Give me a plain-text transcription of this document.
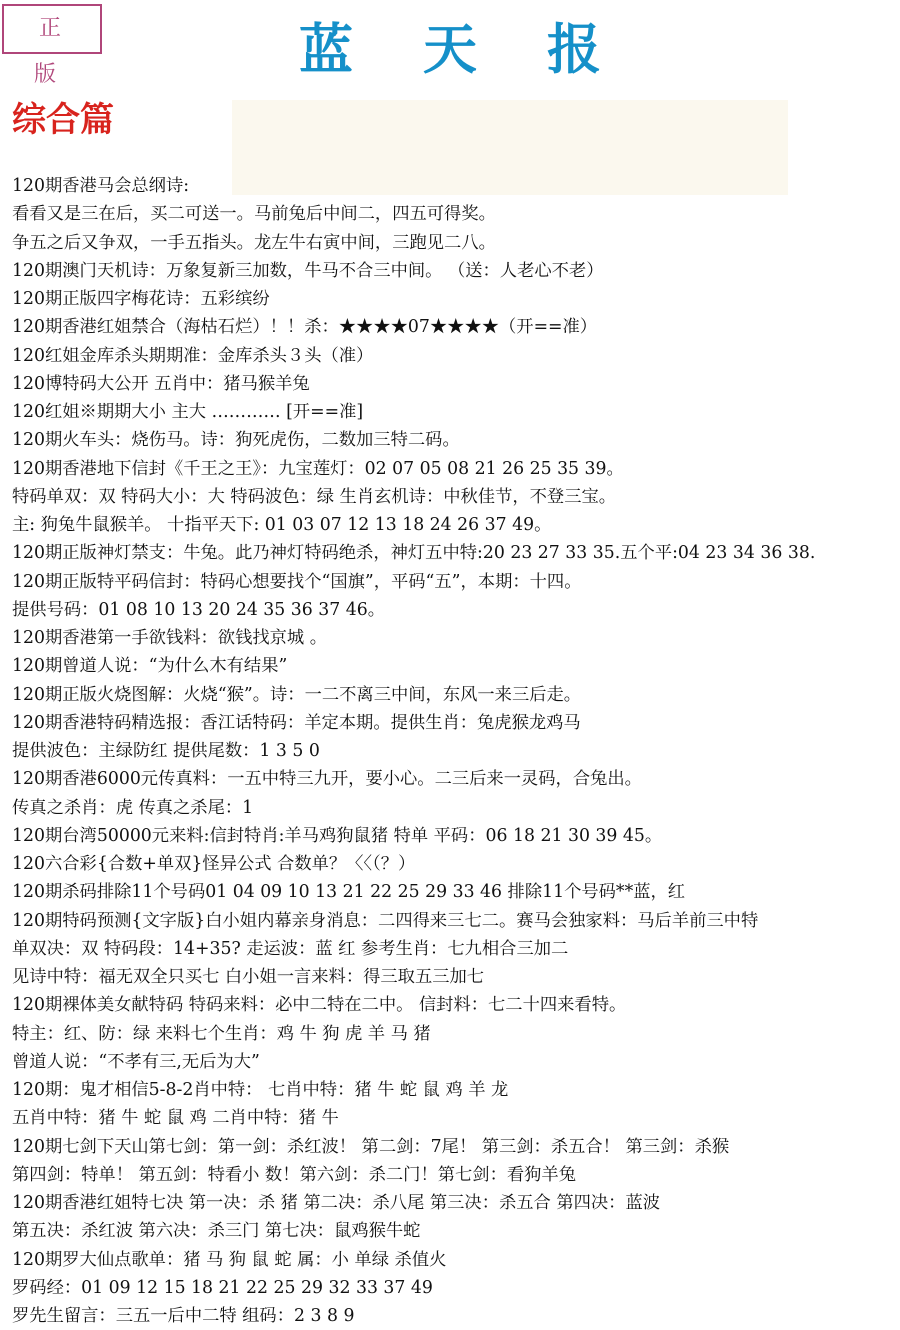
正 版	蓝天报
综合篇
120期香港马会总纲诗:
看看又是三在后，买二可送一。马前兔后中间二，四五可得奖。
争五之后又争双，一手五指头。龙左牛右寅中间，三跑见二八。
120期澳门天机诗：万象复新三加数，牛马不合三中间。 （送：人老心不老）
120期正版四字梅花诗：五彩缤纷
120期香港红姐禁合（海枯石烂）！！杀：★★★★07★★★★（开==准）
120红姐金库杀头期期准：金库杀头３头（准）
120博特码大公开 五肖中：猪马猴羊兔
120红姐※期期大小 主大 ………… [开==准]
120期火车头：烧伤马。诗：狗死虎伤，二数加三特二码。
120期香港地下信封《千王之王》：九宝莲灯：02 07 05 08 21 26 25 35 39。
特码单双：双 特码大小：大 特码波色：绿 生肖玄机诗：中秋佳节，不登三宝。
主: 狗兔牛鼠猴羊。 十指平天下: 01 03 07 12 13 18 24 26 37 49。
120期正版神灯禁支：牛兔。此乃神灯特码绝杀，神灯五中特:20 23 27 33 35.五个平:04 23 34 36 38.
120期正版特平码信封：特码心想要找个“国旗”，平码“五”，本期：十四。
提供号码：01 08 10 13 20 24 35 36 37 46。
120期香港第一手欲钱料：欲钱找京城 。
120期曾道人说：“为什么木有结果”
120期正版火烧图解：火烧“猴”。诗：一二不离三中间，东风一来三后走。
120期香港特码精选报：香江话特码：羊定本期。提供生肖：兔虎猴龙鸡马
提供波色：主绿防红 提供尾数：1 3 5 0
120期香港6000元传真料：一五中特三九开，要小心。二三后来一灵码，合兔出。
传真之杀肖：虎 传真之杀尾：1
120期台湾50000元来料:信封特肖:羊马鸡狗鼠猪 特单 平码：06 18 21 30 39 45。
120六合彩{合数+单双}怪异公式 合数单？〈〈（？）
120期杀码排除11个号码01 04 09 10 13 21 22 25 29 33 46 排除11个号码**蓝，红
120期特码预测{文字版}白小姐内幕亲身消息：二四得来三七二。赛马会独家料：马后羊前三中特
单双决：双 特码段：14+35? 走运波：蓝 红 参考生肖：七九相合三加二
见诗中特：福无双全只买七 白小姐一言来料：得三取五三加七
120期裸体美女献特码 特码来料：必中二特在二中。 信封料：七二十四来看特。
特主：红、防：绿 来料七个生肖：鸡 牛 狗 虎 羊 马 猪
曾道人说：“不孝有三,无后为大”
120期：鬼才相信5-8-2肖中特： 七肖中特：猪 牛 蛇 鼠 鸡 羊 龙
五肖中特：猪 牛 蛇 鼠 鸡 二肖中特：猪 牛
120期七剑下天山第七剑：第一剑：杀红波！ 第二剑：7尾！ 第三剑：杀五合！ 第三剑：杀猴
第四剑：特单！ 第五剑：特看小 数！第六剑：杀二门！第七剑：看狗羊兔
120期香港红姐特七决 第一决：杀 猪 第二决：杀八尾 第三决：杀五合 第四决：蓝波
第五决：杀红波 第六决：杀三门 第七决：鼠鸡猴牛蛇
120期罗大仙点歌单：猪 马 狗 鼠 蛇 属：小 单绿 杀值火
罗码经：01 09 12 15 18 21 22 25 29 32 33 37 49
罗先生留言：三五一后中二特 组码：2 3 8 9
